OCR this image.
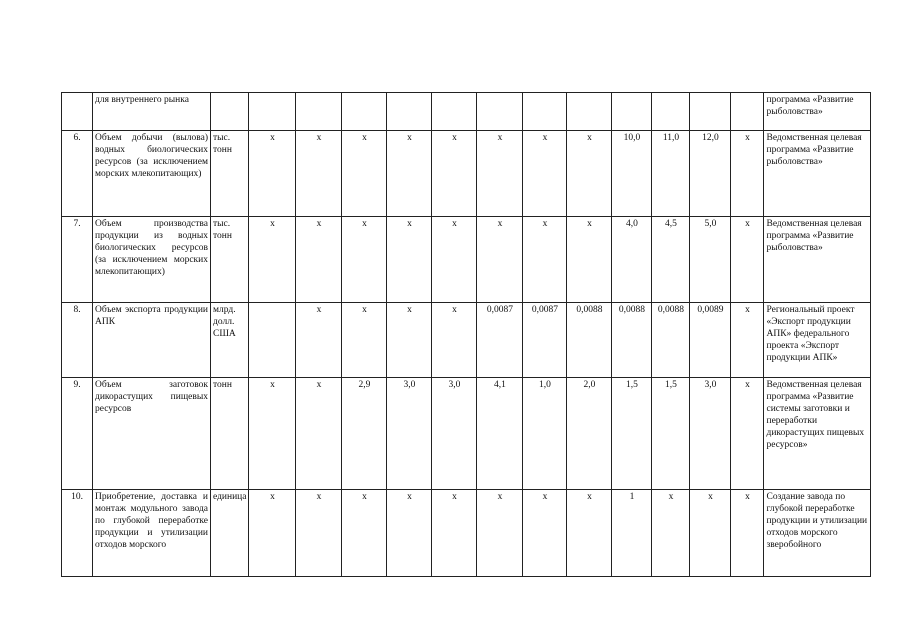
	для внутреннего рынка														программа «Развитие рыболовства»
6.	Объем добычи (вылова) водных биологических ресурсов (за исключением морских млекопитающих)	тыс. тонн	х	х	х	х	х	х	х	х	10,0	11,0	12,0	х	Ведомственная целевая программа «Развитие рыболовства»
7.	Объем производства продукции из водных биологических ресурсов (за исключением морских млекопитающих)	тыс. тонн	х	х	х	х	х	х	х	х	4,0	4,5	5,0	х	Ведомственная целевая программа «Развитие рыболовства»
8.	Объем экспорта продукции АПК	млрд. долл. США		х	х	х	х	0,0087	0,0087	0,0088	0,0088	0,0088	0,0089	х	Региональный проект «Экспорт продукции АПК» федерального проекта «Экспорт продукции АПК»
9.	Объем заготовок дикорастущих пищевых ресурсов	тонн	х	х	2,9	3,0	3,0	4,1	1,0	2,0	1,5	1,5	3,0	х	Ведомственная целевая программа «Развитие системы заготовки и переработки дикорастущих пищевых ресурсов»
10.	Приобретение, доставка и монтаж модульного завода по глубокой переработке продукции и утилизации отходов морского	единица	х	х	х	х	х	х	х	х	1	х	х	х	Создание завода по глубокой переработке продукции и утилизации отходов морского зверобойного
